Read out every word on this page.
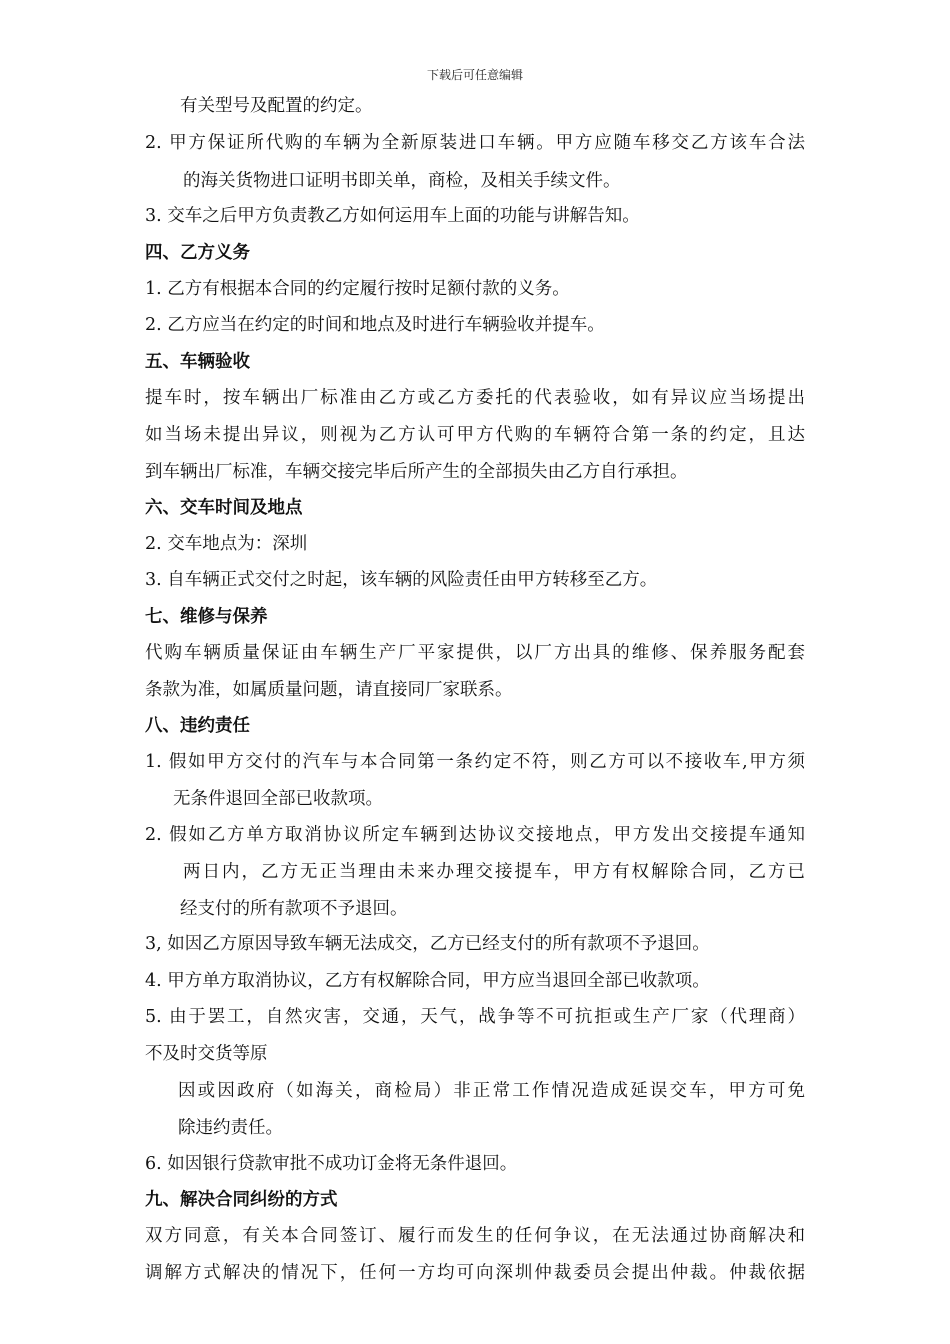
下载后可任意编辑
有关型号及配置的约定。
2. 甲方保证所代购的车辆为全新原装进口车辆。甲方应随车移交乙方该车合法
的海关货物进口证明书即关单，商检，及相关手续文件。
3. 交车之后甲方负责教乙方如何运用车上面的功能与讲解告知。
四、乙方义务
1. 乙方有根据本合同的约定履行按时足额付款的义务。
2. 乙方应当在约定的时间和地点及时进行车辆验收并提车。
五、车辆验收
提车时，按车辆出厂标准由乙方或乙方委托的代表验收，如有异议应当场提出
如当场未提出异议，则视为乙方认可甲方代购的车辆符合第一条的约定，且达
到车辆出厂标准，车辆交接完毕后所产生的全部损失由乙方自行承担。
六、交车时间及地点
2. 交车地点为：深圳
3. 自车辆正式交付之时起，该车辆的风险责任由甲方转移至乙方。
七、维修与保养
代购车辆质量保证由车辆生产厂平家提供，以厂方出具的维修、保养服务配套
条款为准，如属质量问题，请直接同厂家联系。
八、违约责任
1. 假如甲方交付的汽车与本合同第一条约定不符，则乙方可以不接收车,甲方须
无条件退回全部已收款项。
2. 假如乙方单方取消协议所定车辆到达协议交接地点，甲方发出交接提车通知
两日内，乙方无正当理由未来办理交接提车，甲方有权解除合同，乙方已
经支付的所有款项不予退回。
3, 如因乙方原因导致车辆无法成交，乙方已经支付的所有款项不予退回。
4. 甲方单方取消协议，乙方有权解除合同，甲方应当退回全部已收款项。
5. 由于罢工，自然灾害，交通，天气，战争等不可抗拒或生产厂家（代理商）
不及时交货等原
因或因政府（如海关，商检局）非正常工作情况造成延误交车，甲方可免
除违约责任。
6. 如因银行贷款审批不成功订金将无条件退回。
九、解决合同纠纷的方式
双方同意，有关本合同签订、履行而发生的任何争议，在无法通过协商解决和
调解方式解决的情况下，任何一方均可向深圳仲裁委员会提出仲裁。仲裁依据
